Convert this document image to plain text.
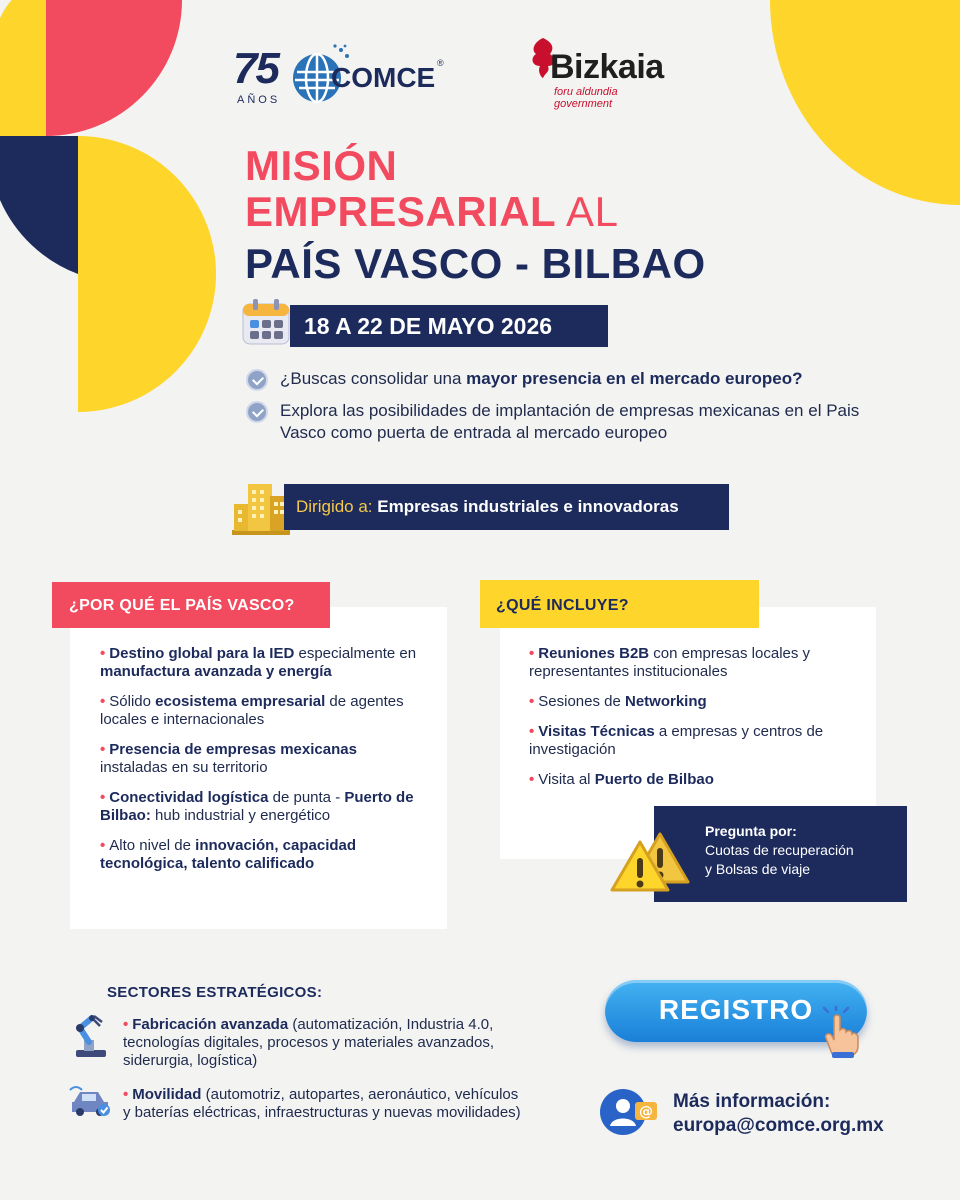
75
AÑOS
COMCE ®	Bizkaia
foru aldundia
government
MISIÓN
EMPRESARIAL AL
PAÍS VASCO - BILBAO
18 A 22 DE MAYO 2026
¿Buscas consolidar una mayor presencia en el mercado europeo?
Explora las posibilidades de implantación de empresas mexicanas en el Pais Vasco como puerta de entrada al mercado europeo
Dirigido a: Empresas industriales e innovadoras
¿POR QUÉ EL PAÍS VASCO?
• Destino global para la IED especialmente en manufactura avanzada y energía
• Sólido ecosistema empresarial de agentes locales e internacionales
• Presencia de empresas mexicanas instaladas en su territorio
• Conectividad logística de punta - Puerto de Bilbao: hub industrial y energético
• Alto nivel de innovación, capacidad tecnológica, talento calificado
¿QUÉ INCLUYE?
• Reuniones B2B con empresas locales y representantes institucionales
• Sesiones de Networking
• Visitas Técnicas a empresas y centros de investigación
• Visita al Puerto de Bilbao
Pregunta por:
Cuotas de recuperación
y Bolsas de viaje
SECTORES ESTRATÉGICOS:
• Fabricación avanzada (automatización, Industria 4.0, tecnologías digitales, procesos y materiales avanzados, siderurgia, logística)
• Movilidad (automotriz, autopartes, aeronáutico, vehículos y baterías eléctricas, infraestructuras y nuevas movilidades)
REGISTRO
@ Más información:
europa@comce.org.mx
